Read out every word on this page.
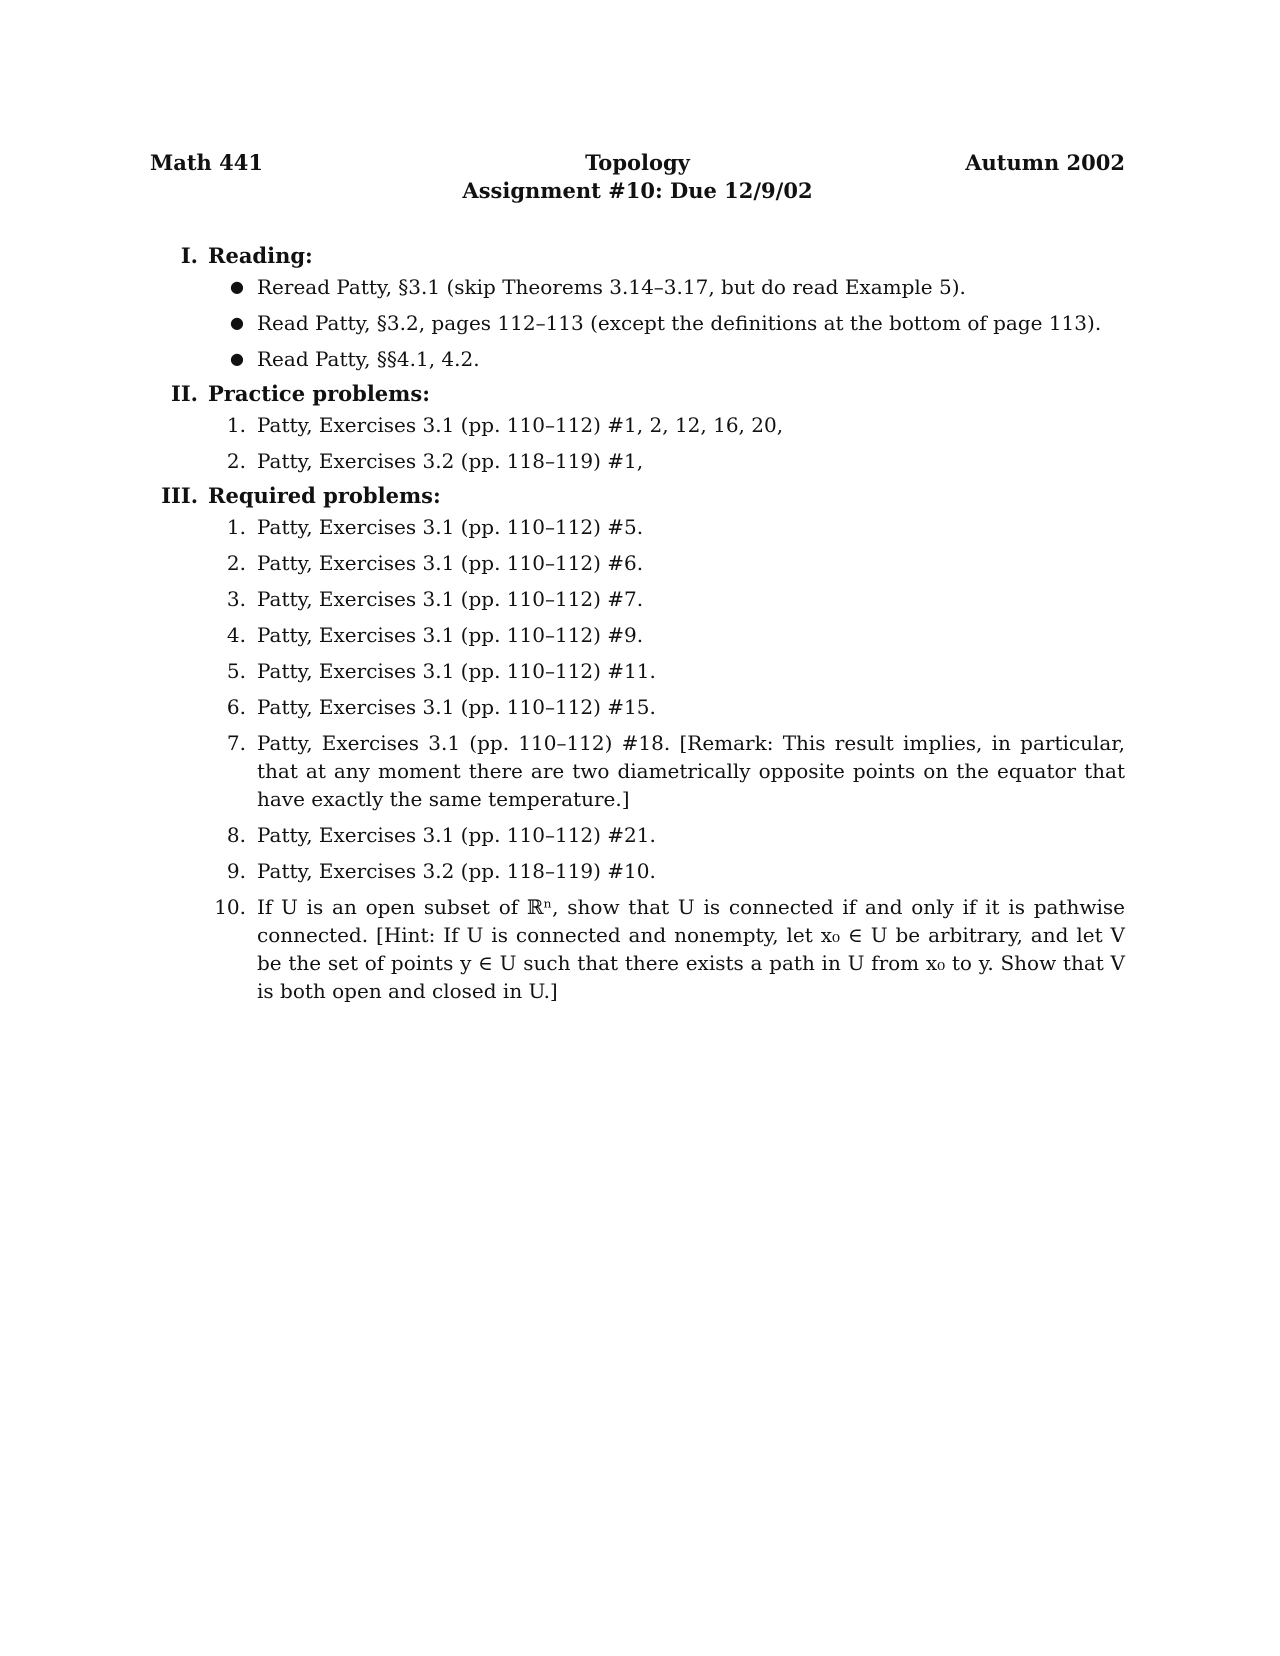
Math 441	Topology	Autumn 2002
Assignment #10: Due 12/9/02
I. Reading:
● Reread Patty, §3.1 (skip Theorems 3.14–3.17, but do read Example 5).
● Read Patty, §3.2, pages 112–113 (except the definitions at the bottom of page 113).
● Read Patty, §§4.1, 4.2.
II. Practice problems:
1. Patty, Exercises 3.1 (pp. 110–112) #1, 2, 12, 16, 20,
2. Patty, Exercises 3.2 (pp. 118–119) #1,
III. Required problems:
1. Patty, Exercises 3.1 (pp. 110–112) #5.
2. Patty, Exercises 3.1 (pp. 110–112) #6.
3. Patty, Exercises 3.1 (pp. 110–112) #7.
4. Patty, Exercises 3.1 (pp. 110–112) #9.
5. Patty, Exercises 3.1 (pp. 110–112) #11.
6. Patty, Exercises 3.1 (pp. 110–112) #15.
7. Patty, Exercises 3.1 (pp. 110–112) #18. [Remark: This result implies, in particular, that at any moment there are two diametrically opposite points on the equator that have exactly the same temperature.]
8. Patty, Exercises 3.1 (pp. 110–112) #21.
9. Patty, Exercises 3.2 (pp. 118–119) #10.
10. If U is an open subset of ℝⁿ, show that U is connected if and only if it is pathwise connected. [Hint: If U is connected and nonempty, let x₀ ∈ U be arbitrary, and let V be the set of points y ∈ U such that there exists a path in U from x₀ to y. Show that V is both open and closed in U.]
